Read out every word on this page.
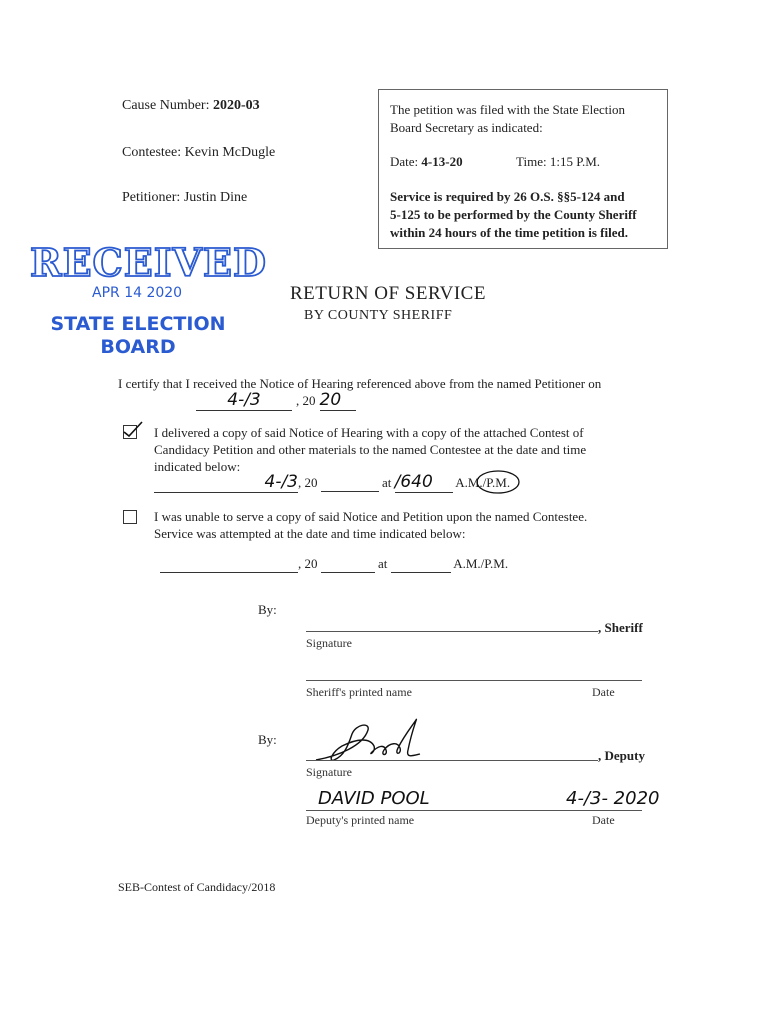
Cause Number: 2020-03
Contestee: Kevin McDugle
Petitioner: Justin Dine
The petition was filed with the State Election
Board Secretary as indicated:
Date: 4-13-20	Time: 1:15 P.M.
Service is required by 26 O.S. §§5-124 and
5-125 to be performed by the County Sheriff
within 24 hours of the time petition is filed.
RECEIVED
APR 14 2020
STATE ELECTION
BOARD
RETURN OF SERVICE
BY COUNTY SHERIFF
I certify that I received the Notice of Hearing referenced above from the named Petitioner on
4-/3	, 20 20
I delivered a copy of said Notice of Hearing with a copy of the attached Contest of
Candidacy Petition and other materials to the named Contestee at the date and time
indicated below:
4-/3, 20	at /640 A.M./P.M.
I was unable to serve a copy of said Notice and Petition upon the named Contestee.
Service was attempted at the date and time indicated below:
, 20	at	A.M./P.M.
By:
, Sheriff
Signature
Sheriff's printed name	Date
By:
, Deputy
Signature
DAVID POOL	4-/3- 2020
Deputy's printed name	Date
SEB-Contest of Candidacy/2018
